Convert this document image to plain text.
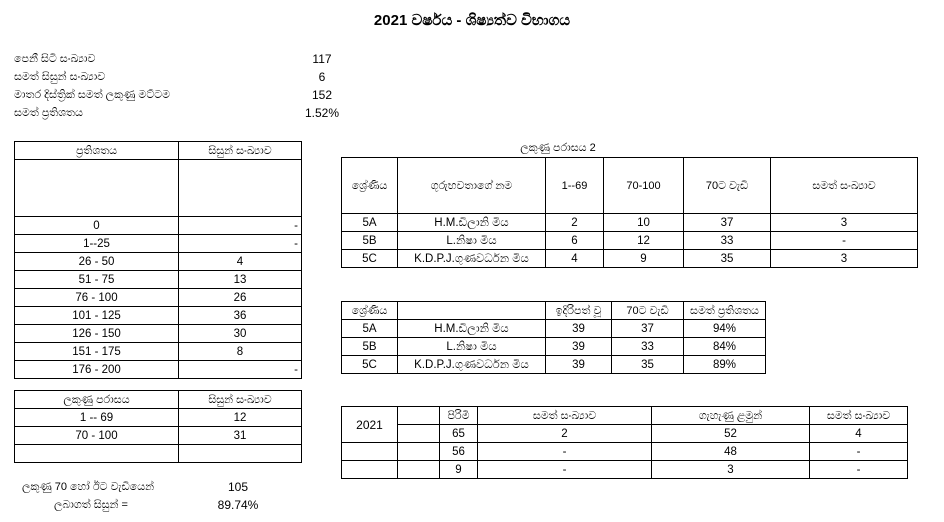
2021 වර්ෂය - ශිෂ්‍යත්ව විභාගය
පෙනී සිටි සංඛ්‍යාව	117
සමත් සිසුන් සංඛ්‍යාව	6
මාතර දිස්ත්‍රික් සමත් ලකුණු මට්ටම	152
සමත් ප්‍රතිශතය	1.52%
ප්‍රතිශතය	සිසුන් සංඛ්‍යාව

0	-
1--25	-
26 - 50	4
51 - 75	13
76 - 100	26
101 - 125	36
126 - 150	30
151 - 175	8
176 - 200	-
ලකුණු පරාසය	සිසුන් සංඛ්‍යාව
1 -- 69	12
70 - 100	31

ලකුණු 70 හෝ ඊට වැඩියෙන්	105
ලබාගත් සිසුන් =	89.74%
ලකුණු පරාසය 2
ශ්‍රේණිය	ගුරුභවතාගේ නම	1--69	70-100	70ට වැඩි	සමත් සංඛ්‍යාව
5A	H.M.ඩිලානි මිය	2	10	37	3
5B	L.නිෂා මිය	6	12	33	-
5C	K.D.P.J.ගුණවර්ධන මිය	4	9	35	3
ශ්‍රේණිය		ඉදිරිපත් වූ	70ට වැඩි	සමත් ප්‍රතිශතය
5A	H.M.ඩිලානි මිය	39	37	94%
5B	L.නිෂා මිය	39	33	84%
5C	K.D.P.J.ගුණවර්ධන මිය	39	35	89%
2021		පිරිමි	සමත් සංඛ්‍යාව	ගැහැණු ළමුන්	සමත් සංඛ්‍යාව
		65	2	52	4
		56	-	48	-
		9	-	3	-
